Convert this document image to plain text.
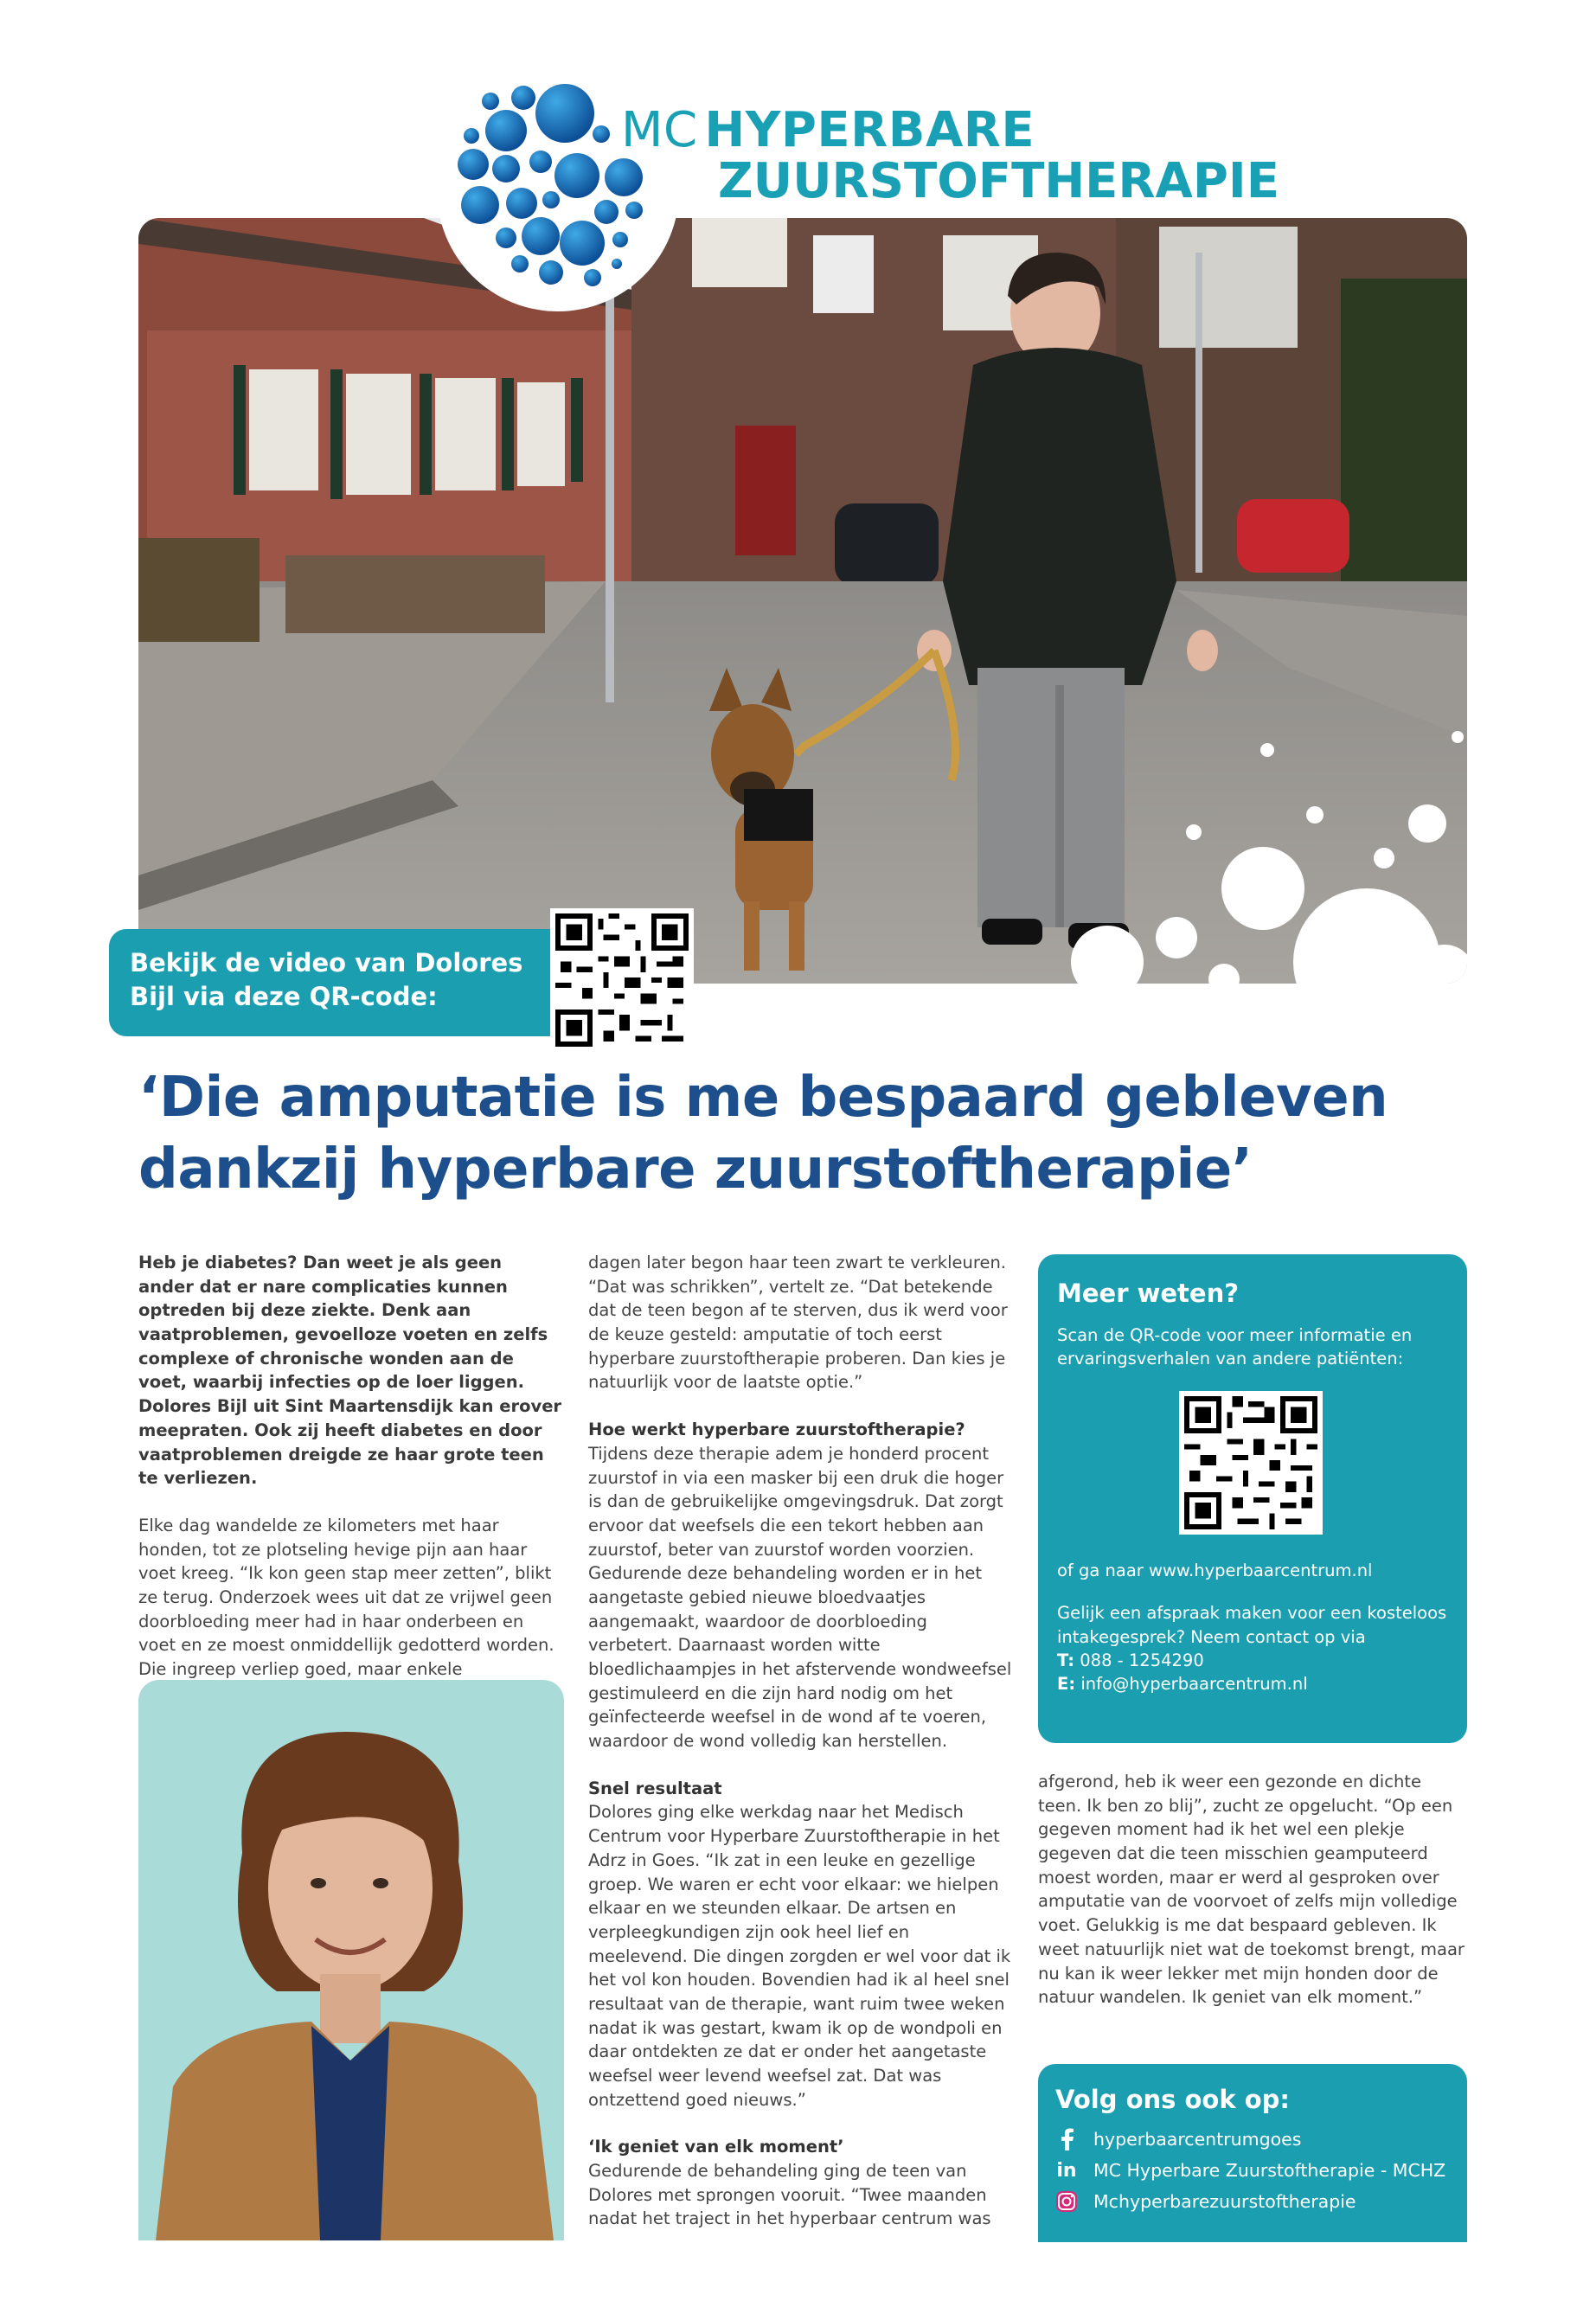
MC HYPERBARE
ZUURSTOFTHERAPIE

Bekijk de video van Dolores Bijl via deze QR-code:

‘Die amputatie is me bespaard gebleven
dankzij hyperbare zuurstoftherapie’

Heb je diabetes? Dan weet je als geen ander dat er nare complicaties kunnen optreden bij deze ziekte. Denk aan vaatproblemen, gevoelloze voeten en zelfs complexe of chronische wonden aan de voet, waarbij infecties op de loer liggen. Dolores Bijl uit Sint Maartensdijk kan erover meepraten. Ook zij heeft diabetes en door vaatproblemen dreigde ze haar grote teen te verliezen.

Elke dag wandelde ze kilometers met haar honden, tot ze plotseling hevige pijn aan haar voet kreeg. “Ik kon geen stap meer zetten”, blikt ze terug. Onderzoek wees uit dat ze vrijwel geen doorbloeding meer had in haar onderbeen en voet en ze moest onmiddellijk gedotterd worden. Die ingreep verliep goed, maar enkele

dagen later begon haar teen zwart te verkleuren. “Dat was schrikken”, vertelt ze. “Dat betekende dat de teen begon af te sterven, dus ik werd voor de keuze gesteld: amputatie of toch eerst hyperbare zuurstoftherapie proberen. Dan kies je natuurlijk voor de laatste optie.”

Hoe werkt hyperbare zuurstoftherapie?

Tijdens deze therapie adem je honderd procent zuurstof in via een masker bij een druk die hoger is dan de gebruikelijke omgevingsdruk. Dat zorgt ervoor dat weefsels die een tekort hebben aan zuurstof, beter van zuurstof worden voorzien. Gedurende deze behandeling worden er in het aangetaste gebied nieuwe bloedvaatjes aangemaakt, waardoor de doorbloeding verbetert. Daarnaast worden witte bloedlichaampjes in het afstervende wondweefsel gestimuleerd en die zijn hard nodig om het geïnfecteerde weefsel in de wond af te voeren, waardoor de wond volledig kan herstellen.

Snel resultaat

Dolores ging elke werkdag naar het Medisch Centrum voor Hyperbare Zuurstoftherapie in het Adrz in Goes. “Ik zat in een leuke en gezellige groep. We waren er echt voor elkaar: we hielpen elkaar en we steunden elkaar. De artsen en verpleegkundigen zijn ook heel lief en meelevend. Die dingen zorgden er wel voor dat ik het vol kon houden. Bovendien had ik al heel snel resultaat van de therapie, want ruim twee weken nadat ik was gestart, kwam ik op de wondpoli en daar ontdekten ze dat er onder het aangetaste weefsel weer levend weefsel zat. Dat was ontzettend goed nieuws.”

‘Ik geniet van elk moment’

Gedurende de behandeling ging de teen van Dolores met sprongen vooruit. “Twee maanden nadat het traject in het hyperbaar centrum was

Meer weten?

Scan de QR-code voor meer informatie en ervaringsverhalen van andere patiënten:

of ga naar www.hyperbaarcentrum.nl

Gelijk een afspraak maken voor een kosteloos intakegesprek? Neem contact op via
T: 088 - 1254290
E: info@hyperbaarcentrum.nl

afgerond, heb ik weer een gezonde en dichte teen. Ik ben zo blij”, zucht ze opgelucht. “Op een gegeven moment had ik het wel een plekje gegeven dat die teen misschien geamputeerd moest worden, maar er werd al gesproken over amputatie van de voorvoet of zelfs mijn volledige voet. Gelukkig is me dat bespaard gebleven. Ik weet natuurlijk niet wat de toekomst brengt, maar nu kan ik weer lekker met mijn honden door de natuur wandelen. Ik geniet van elk moment.”

Volg ons ook op:
hyperbaarcentrumgoes
in MC Hyperbare Zuurstoftherapie - MCHZ
Mchyperbarezuurstoftherapie
